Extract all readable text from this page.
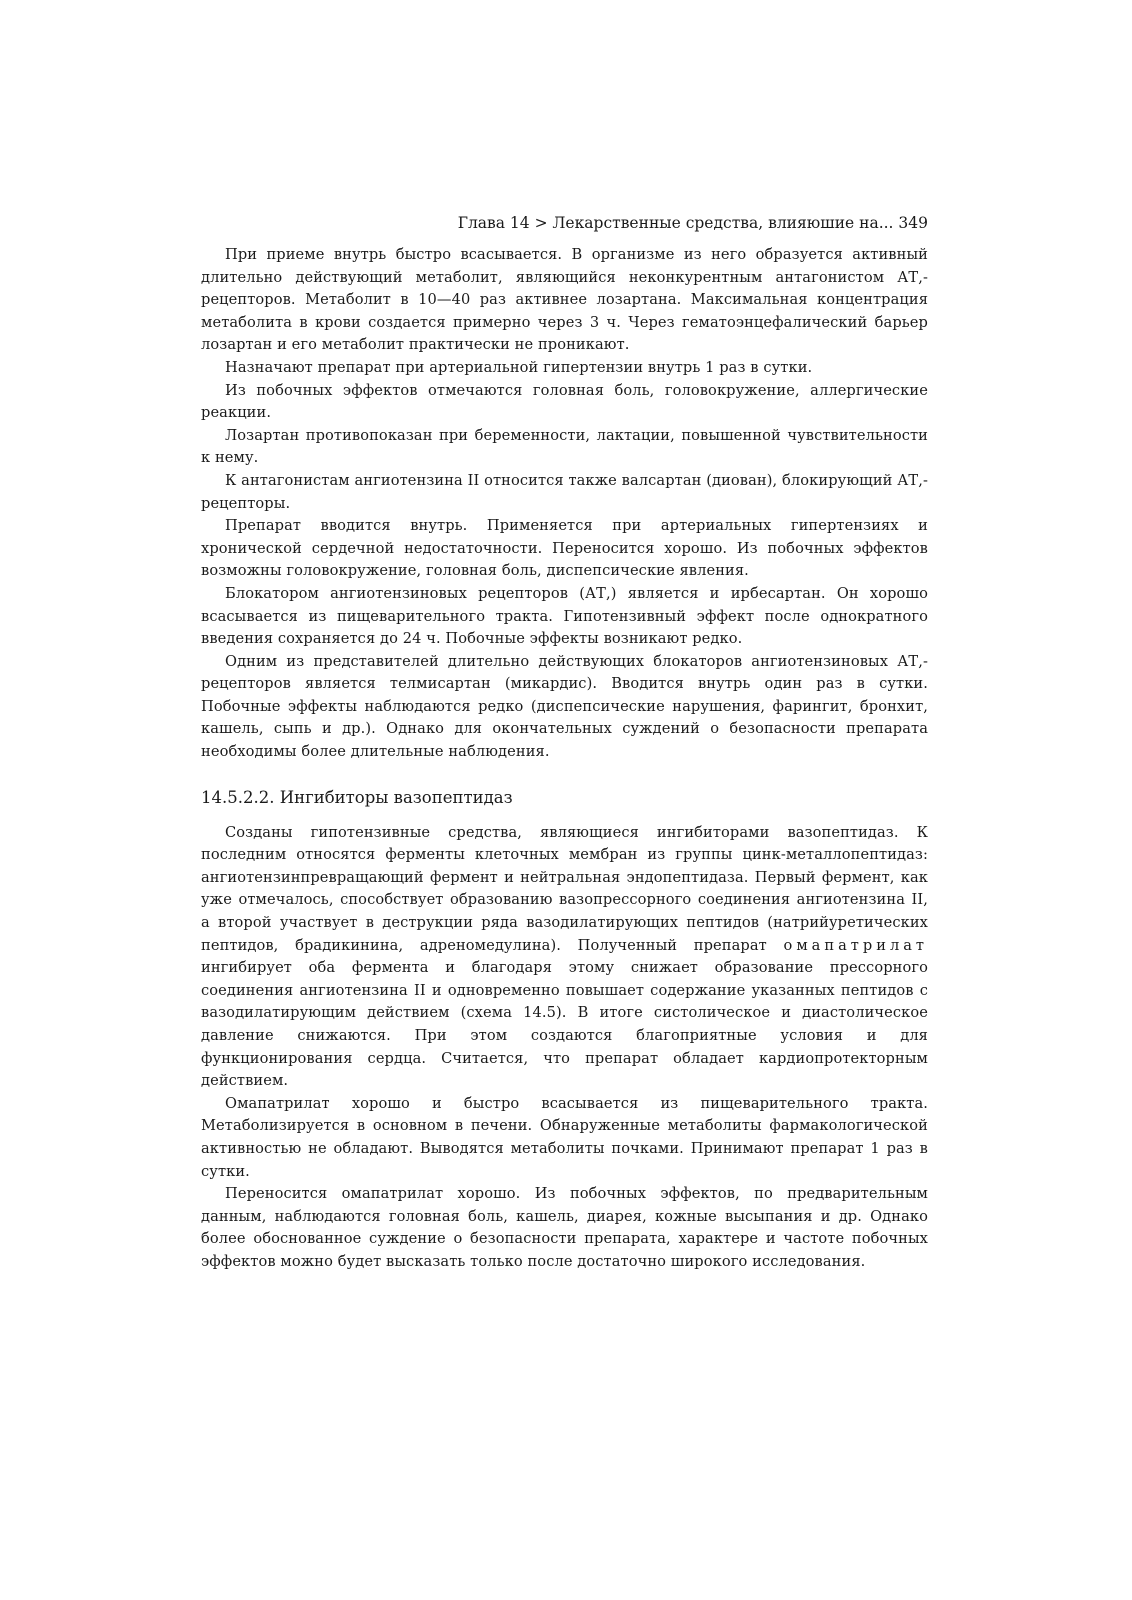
Глава 14 > Лекарственные средства, влияюшие на... 349

При приеме внутрь быстро всасывается. В организме из него образуется активный длительно действующий метаболит, являющийся неконкурентным антагонистом АТ,-рецепторов. Метаболит в 10—40 раз активнее лозартана. Максимальная концентрация метаболита в крови создается примерно через 3 ч. Через гематоэнцефалический барьер лозартан и его метаболит практически не проникают.

Назначают препарат при артериальной гипертензии внутрь 1 раз в сутки.

Из побочных эффектов отмечаются головная боль, головокружение, аллергические реакции.

Лозартан противопоказан при беременности, лактации, повышенной чувствительности к нему.

К антагонистам ангиотензина II относится также валсартан (диован), блокирующий АТ,-рецепторы.

Препарат вводится внутрь. Применяется при артериальных гипертензиях и хронической сердечной недостаточности. Переносится хорошо. Из побочных эффектов возможны головокружение, головная боль, диспепсические явления.

Блокатором ангиотензиновых рецепторов (АТ,) является и ирбесартан. Он хорошо всасывается из пищеварительного тракта. Гипотензивный эффект после однократного введения сохраняется до 24 ч. Побочные эффекты возникают редко.

Одним из представителей длительно действующих блокаторов ангиотензиновых АТ,-рецепторов является телмисартан (микардис). Вводится внутрь один раз в сутки. Побочные эффекты наблюдаются редко (диспепсические нарушения, фарингит, бронхит, кашель, сыпь и др.). Однако для окончательных суждений о безопасности препарата необходимы более длительные наблюдения.

14.5.2.2. Ингибиторы вазопептидаз

Созданы гипотензивные средства, являющиеся ингибиторами вазопептидаз. К последним относятся ферменты клеточных мембран из группы цинк-металлопептидаз: ангиотензинпревращающий фермент и нейтральная эндопептидаза. Первый фермент, как уже отмечалось, способствует образованию вазопрессорного соединения ангиотензина II, а второй участвует в деструкции ряда вазодилатирующих пептидов (натрийуретических пептидов, брадикинина, адреномедулина). Полученный препарат омапатрилат ингибирует оба фермента и благодаря этому снижает образование прессорного соединения ангиотензина II и одновременно повышает содержание указанных пептидов с вазодилатирующим действием (схема 14.5). В итоге систолическое и диастолическое давление снижаются. При этом создаются благоприятные условия и для функционирования сердца. Считается, что препарат обладает кардиопротекторным действием.

Омапатрилат хорошо и быстро всасывается из пищеварительного тракта. Метаболизируется в основном в печени. Обнаруженные метаболиты фармакологической активностью не обладают. Выводятся метаболиты почками. Принимают препарат 1 раз в сутки.

Переносится омапатрилат хорошо. Из побочных эффектов, по предварительным данным, наблюдаются головная боль, кашель, диарея, кожные высыпания и др. Однако более обоснованное суждение о безопасности препарата, характере и частоте побочных эффектов можно будет высказать только после достаточно широкого исследования.
